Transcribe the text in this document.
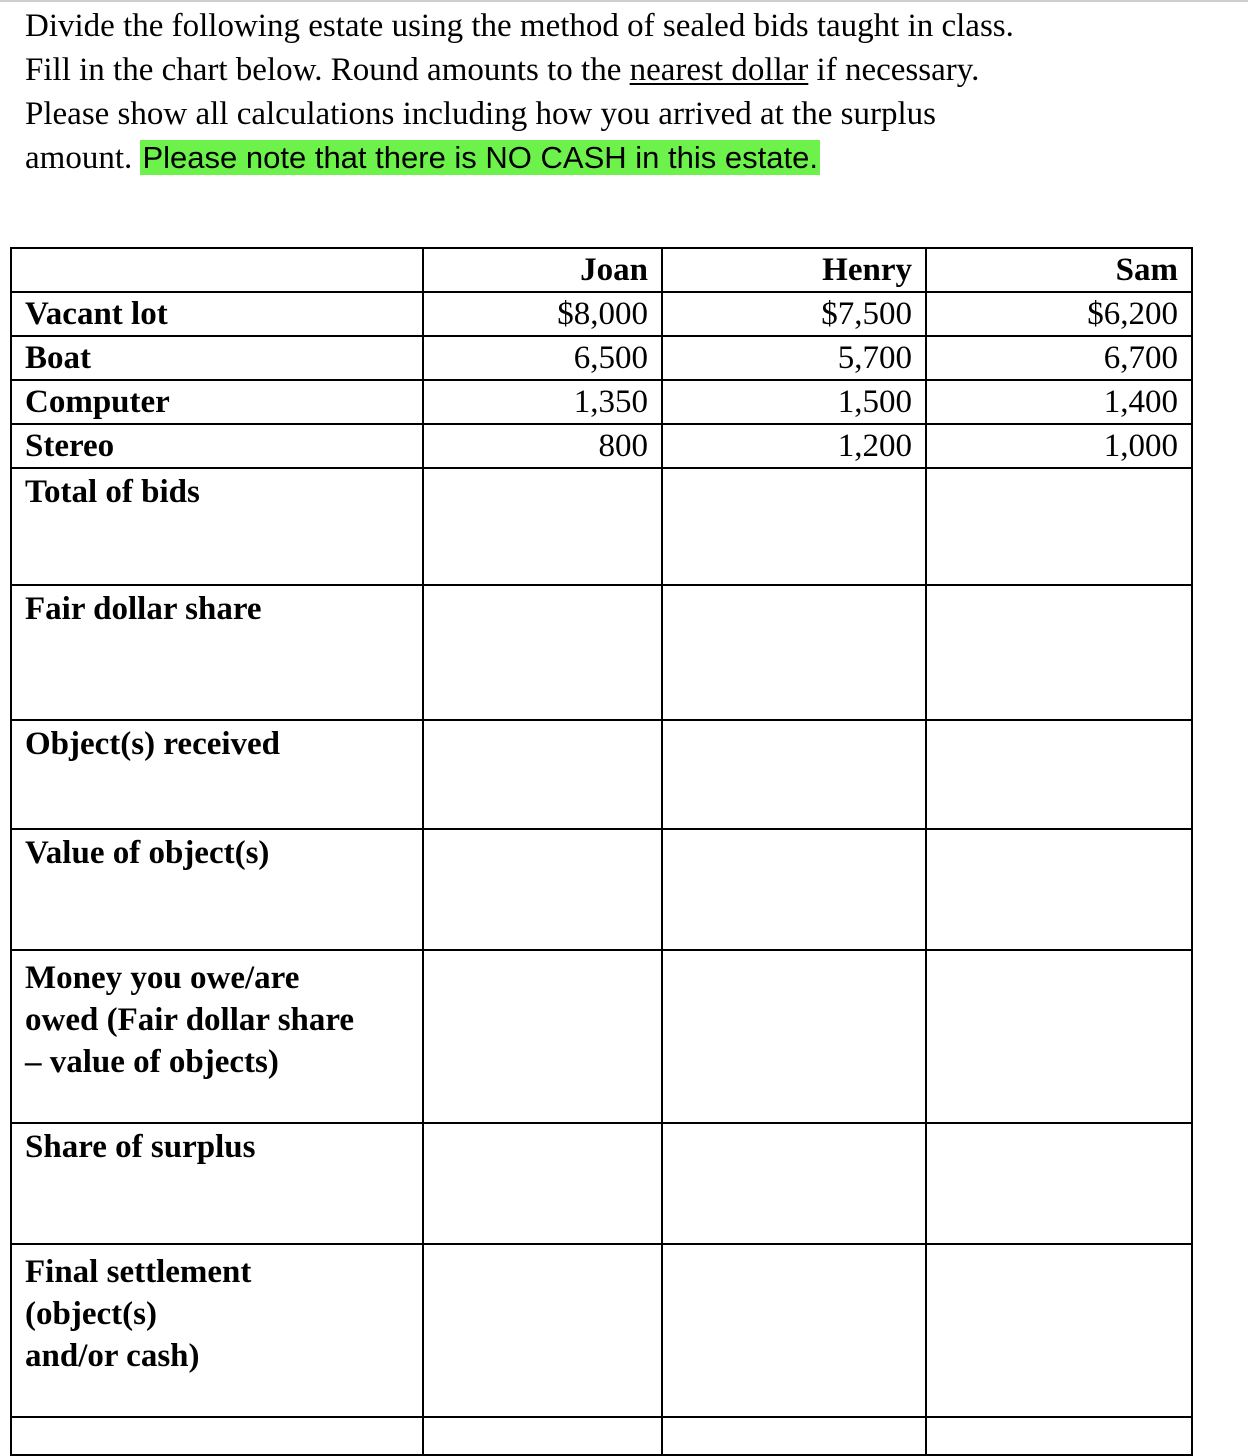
Divide the following estate using the method of sealed bids taught in class.
Fill in the chart below. Round amounts to the nearest dollar if necessary.
Please show all calculations including how you arrived at the surplus
amount. Please note that there is NO CASH in this estate.
	Joan	Henry	Sam
Vacant lot	$8,000	$7,500	$6,200
Boat	6,500	5,700	6,700
Computer	1,350	1,500	1,400
Stereo	800	1,200	1,000
Total of bids			
Fair dollar share			
Object(s) received			
Value of object(s)			

Money you owe/are
owed (Fair dollar share
– value of objects)			

Share of surplus			

Final settlement
(object(s)
and/or cash)			
